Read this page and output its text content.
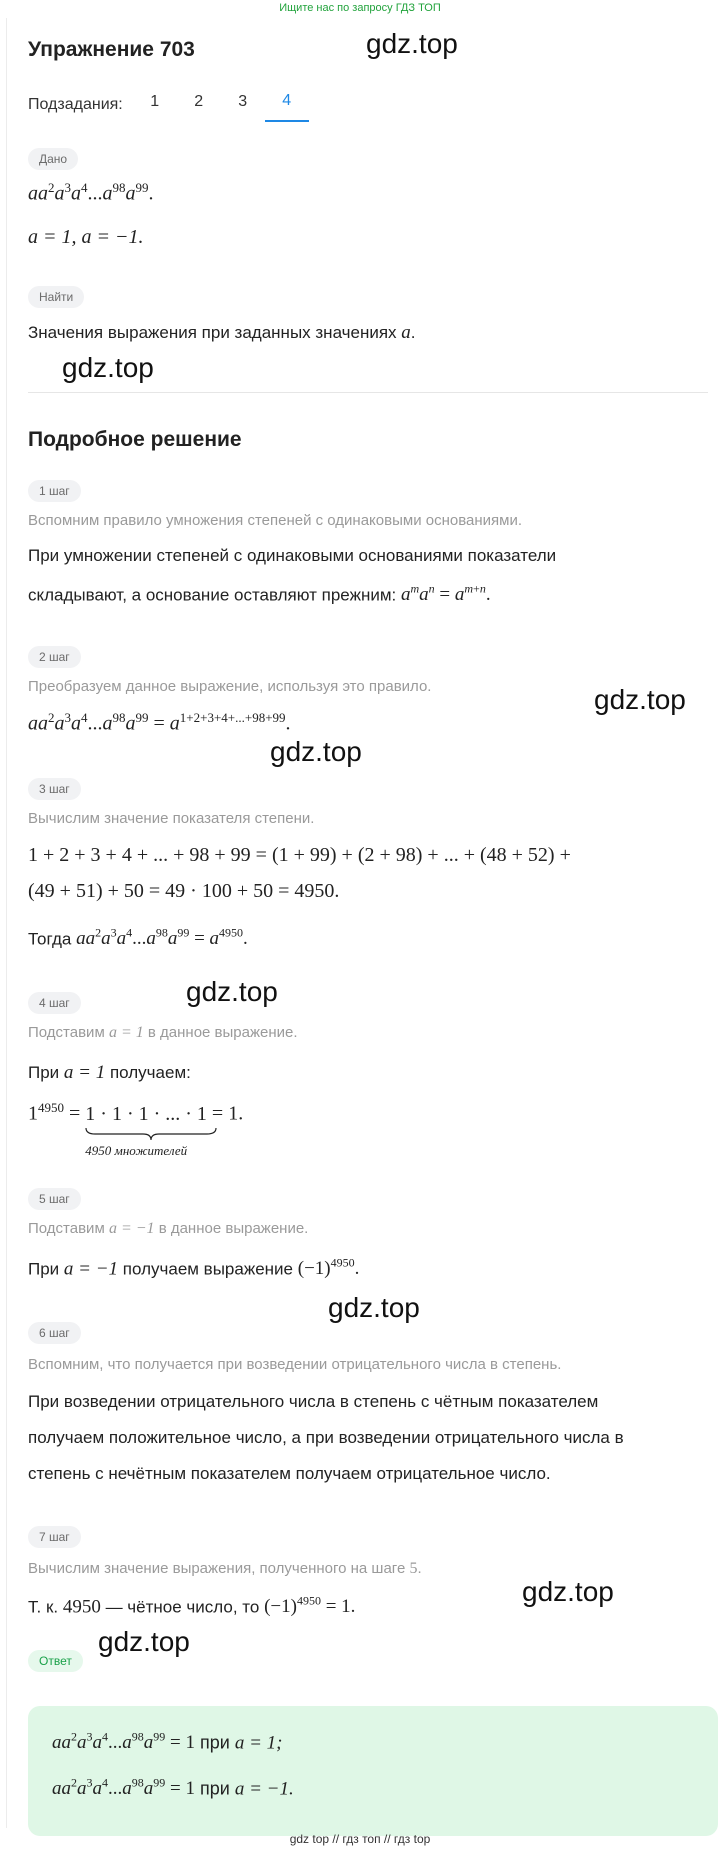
Ищите нас по запросу ГДЗ ТОП
Упражнение 703
Подзадания:	1	2	3	4
Дано
$aa^2a^3a^4...a^{98}a^{99}$.
a = 1, a = −1.
Найти
Значения выражения при заданных значениях a.
Подробное решение
1 шаг
Вспомним правило умножения степеней с одинаковыми основаниями.
При умножении степеней с одинаковыми основаниями показатели
складывают, а основание оставляют прежним: $a^ma^n = a^{m+n}$.
2 шаг
Преобразуем данное выражение, используя это правило.
$aa^2a^3a^4...a^{98}a^{99} = a^{1+2+3+4+...+98+99}$.
3 шаг
Вычислим значение показателя степени.
1 + 2 + 3 + 4 + ... + 98 + 99 = (1 + 99) + (2 + 98) + ... + (48 + 52) +
(49 + 51) + 50 = 49 · 100 + 50 = 4950.
Тогда $aa^2a^3a^4...a^{98}a^{99} = a^{4950}$.
4 шаг
Подставим a = 1 в данное выражение.
При a = 1 получаем:
$1^{4950} = 1 \cdot 1 \cdot 1$ · ... · 1
4950 множителей
= 1.
5 шаг
Подставим a = −1 в данное выражение.
При a = −1 получаем выражение $(-1)^{4950}$.
6 шаг
Вспомним, что получается при возведении отрицательного числа в степень.
При возведении отрицательного числа в степень с чётным показателем
получаем положительное число, а при возведении отрицательного числа в
степень с нечётным показателем получаем отрицательное число.
7 шаг
Вычислим значение выражения, полученного на шаге 5.
Т. к. 4950 — чётное число, то $(-1)^{4950} = 1$.
Ответ
$aa^2a^3a^4...a^{98}a^{99} = 1$ при a = 1;
$aa^2a^3a^4...a^{98}a^{99} = 1$ при a = −1.
gdz.top
gdz.top
gdz.top
gdz.top
gdz.top
gdz.top
gdz.top
gdz.top
gdz top // гдз топ // гдз top
